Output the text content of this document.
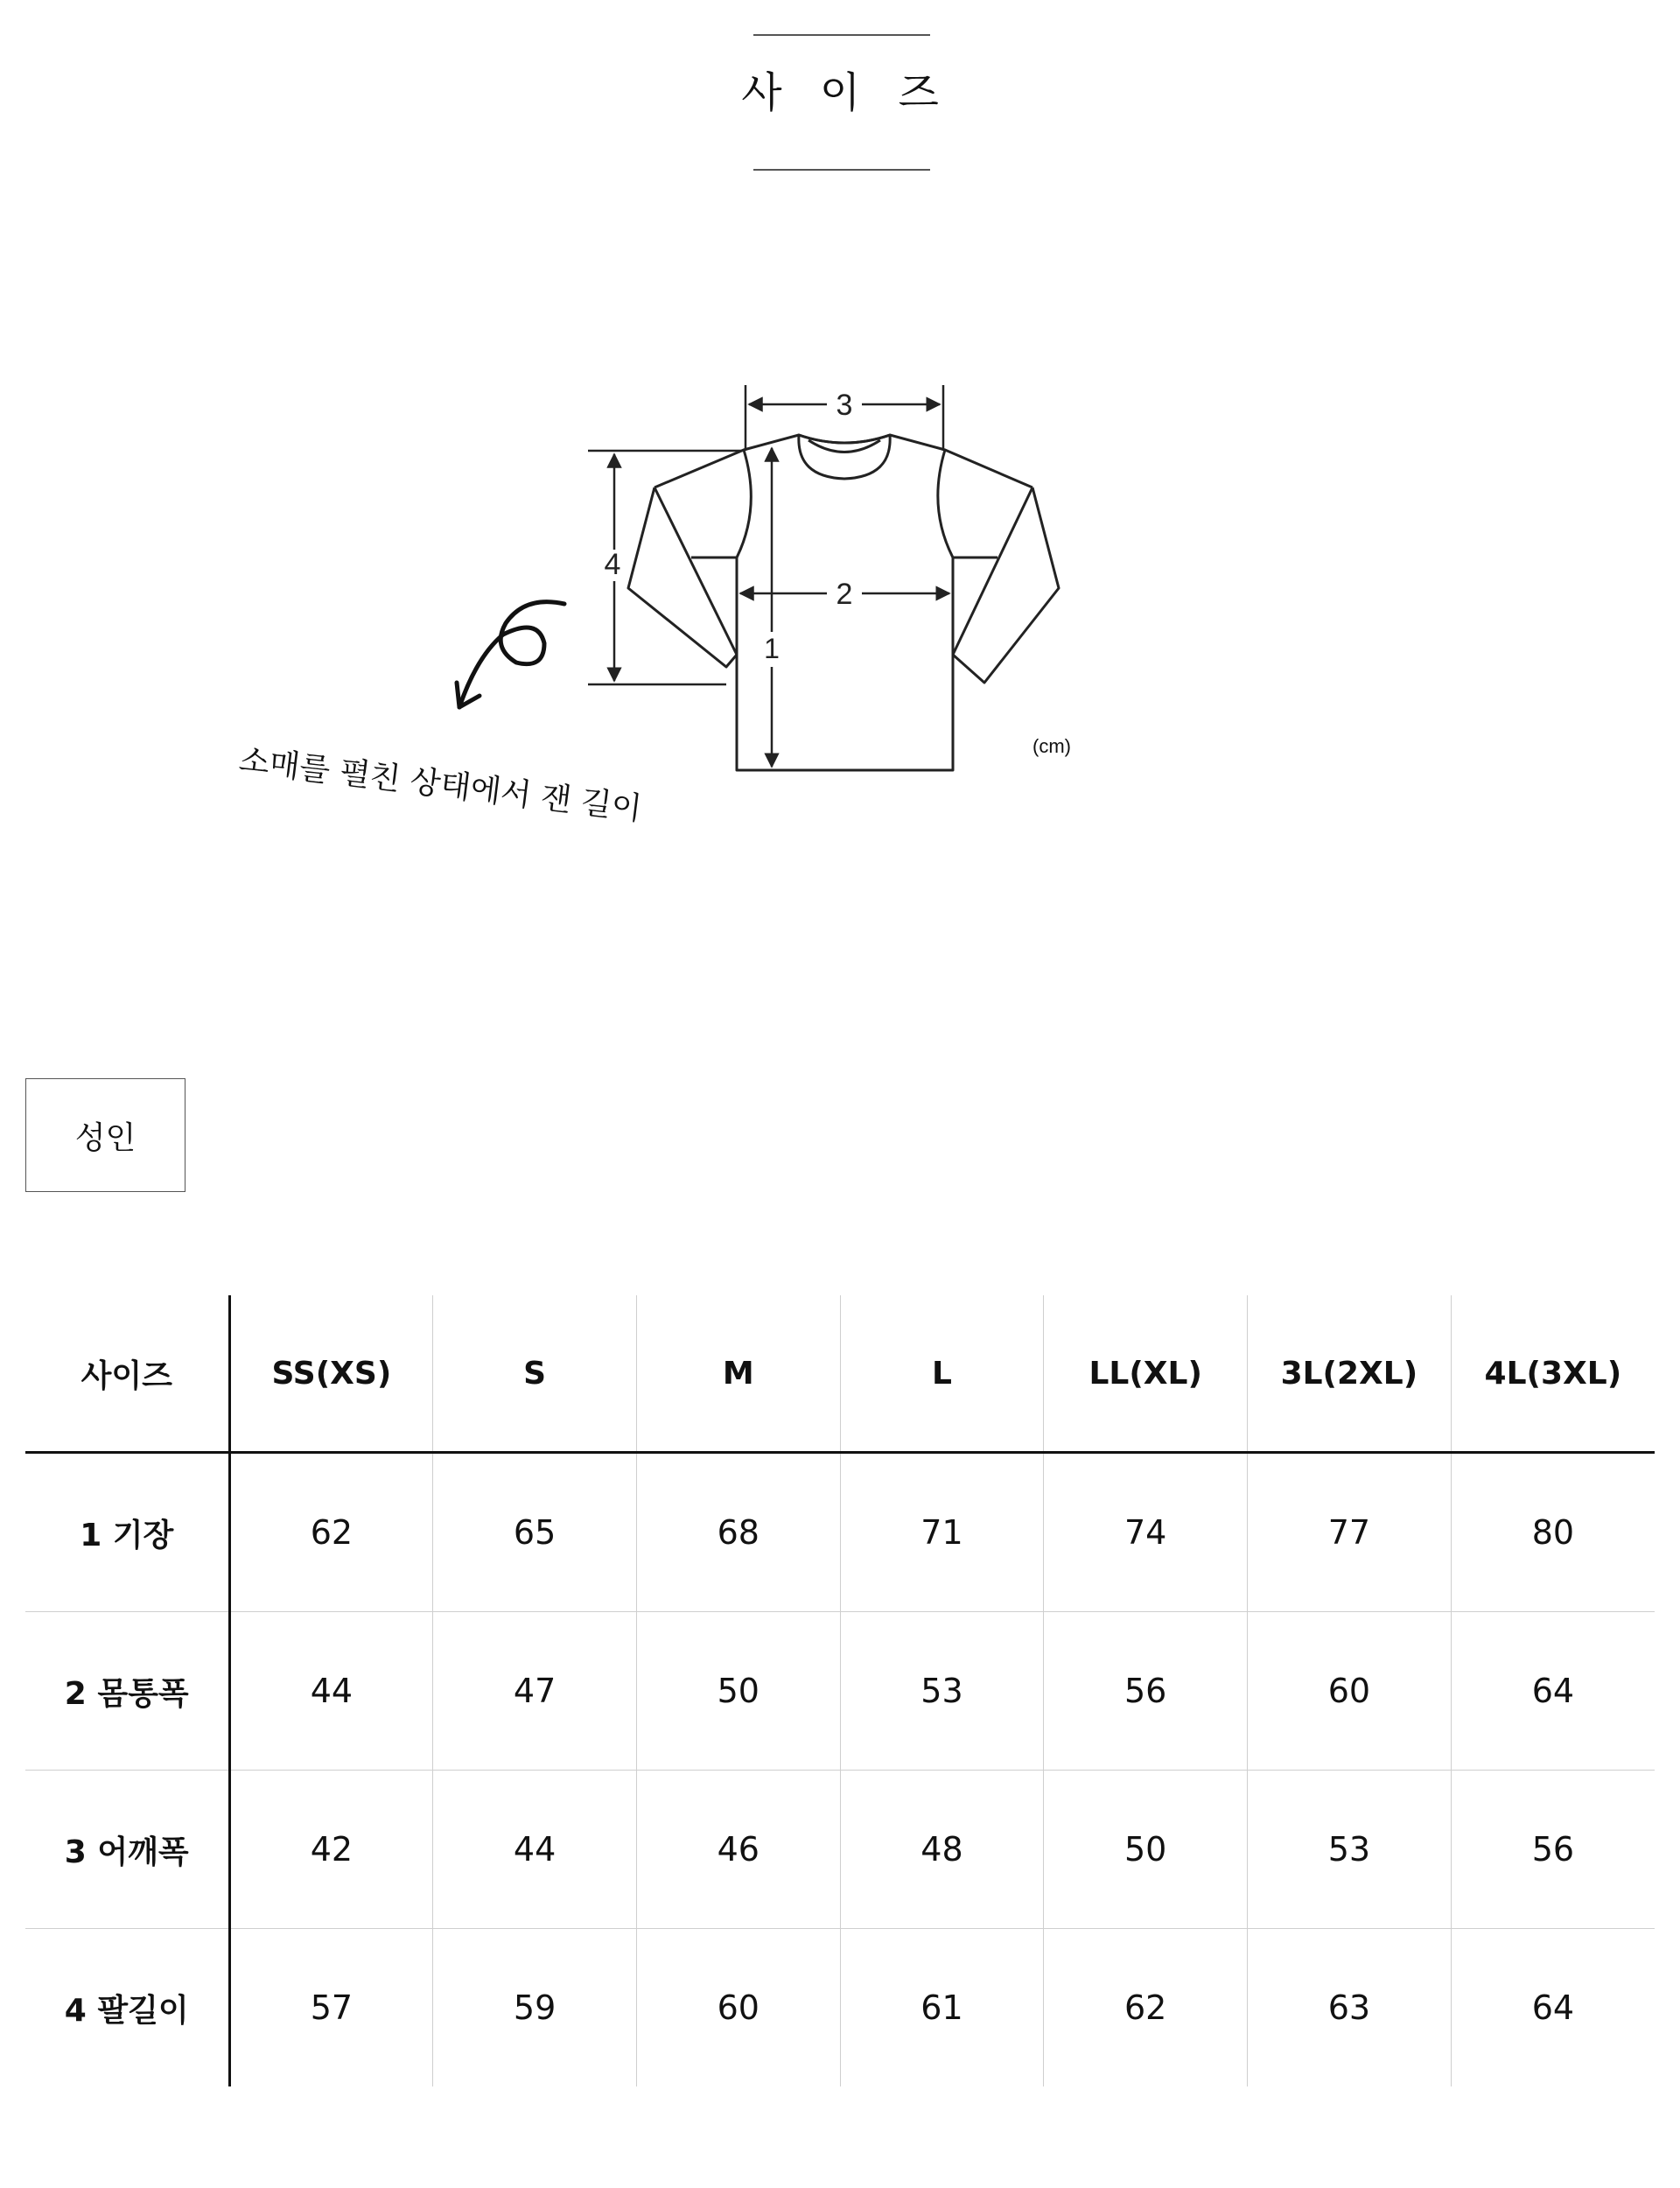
사 이 즈
3
2
1
4
소매를 펼친 상태에서 잰 길이	(cm)
성인
사이즈	SS(XS)	S	M	L	LL(XL)	3L(2XL)	4L(3XL)
1 기장	62	65	68	71	74	77	80
2 몸통폭	44	47	50	53	56	60	64
3 어깨폭	42	44	46	48	50	53	56
4 팔길이	57	59	60	61	62	63	64
